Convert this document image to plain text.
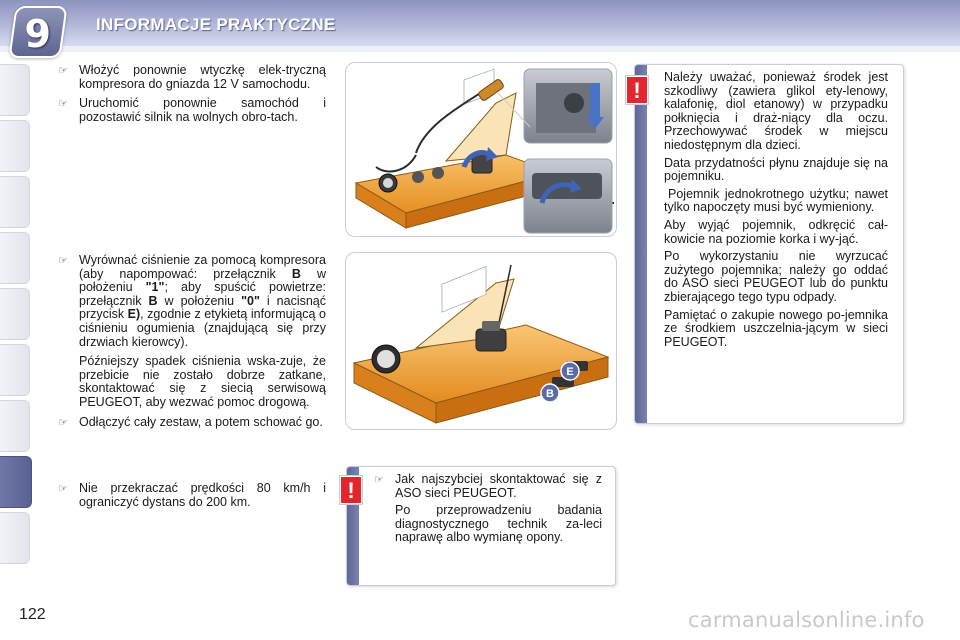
9	INFORMACJE PRAKTYCZNE
☞ Włożyć ponownie wtyczkę elek-tryczną kompresora do gniazda 12 V samochodu.
☞ Uruchomić ponownie samochód i pozostawić silnik na wolnych obro-tach.
☞ Wyrównać ciśnienie za pomocą kompresora (aby napompować: przełącznik B w położeniu "1"; aby spuścić powietrze: przełącznik B w położeniu "0" i nacisnąć przycisk E), zgodnie z etykietą informującą o ciśnieniu ogumienia (znajdującą się przy drzwiach kierowcy).
Późniejszy spadek ciśnienia wska-zuje, że przebicie nie zostało dobrze zatkane, skontaktować się z siecią serwisową PEUGEOT, aby wezwać pomoc drogową.
☞ Odłączyć cały zestaw, a potem schować go.
☞ Nie przekraczać prędkości 80 km/h i ograniczyć dystans do 200 km.
E
B
!

Należy uważać, ponieważ środek jest szkodliwy (zawiera glikol ety-lenowy, kalafonię, diol etanowy) w przypadku połknięcia i draż-niący dla oczu. Przechowywać środek w miejscu niedostępnym dla dzieci.

Data przydatności płynu znajduje się na pojemniku.

Pojemnik jednokrotnego użytku; nawet tylko napoczęty musi być wymieniony.

Aby wyjąć pojemnik, odkręcić cał-kowicie na poziomie korka i wy-jąć.

Po wykorzystaniu nie wyrzucać zużytego pojemnika; należy go oddać do ASO sieci PEUGEOT lub do punktu zbierającego tego typu odpady.

Pamiętać o zakupie nowego po-jemnika ze środkiem uszczelnia-jącym w sieci PEUGEOT.

!	☞ Jak najszybciej skontaktować się z ASO sieci PEUGEOT.
Po przeprowadzeniu badania diagnostycznego technik za-leci naprawę albo wymianę opony.
122	carmanualsonline.info
